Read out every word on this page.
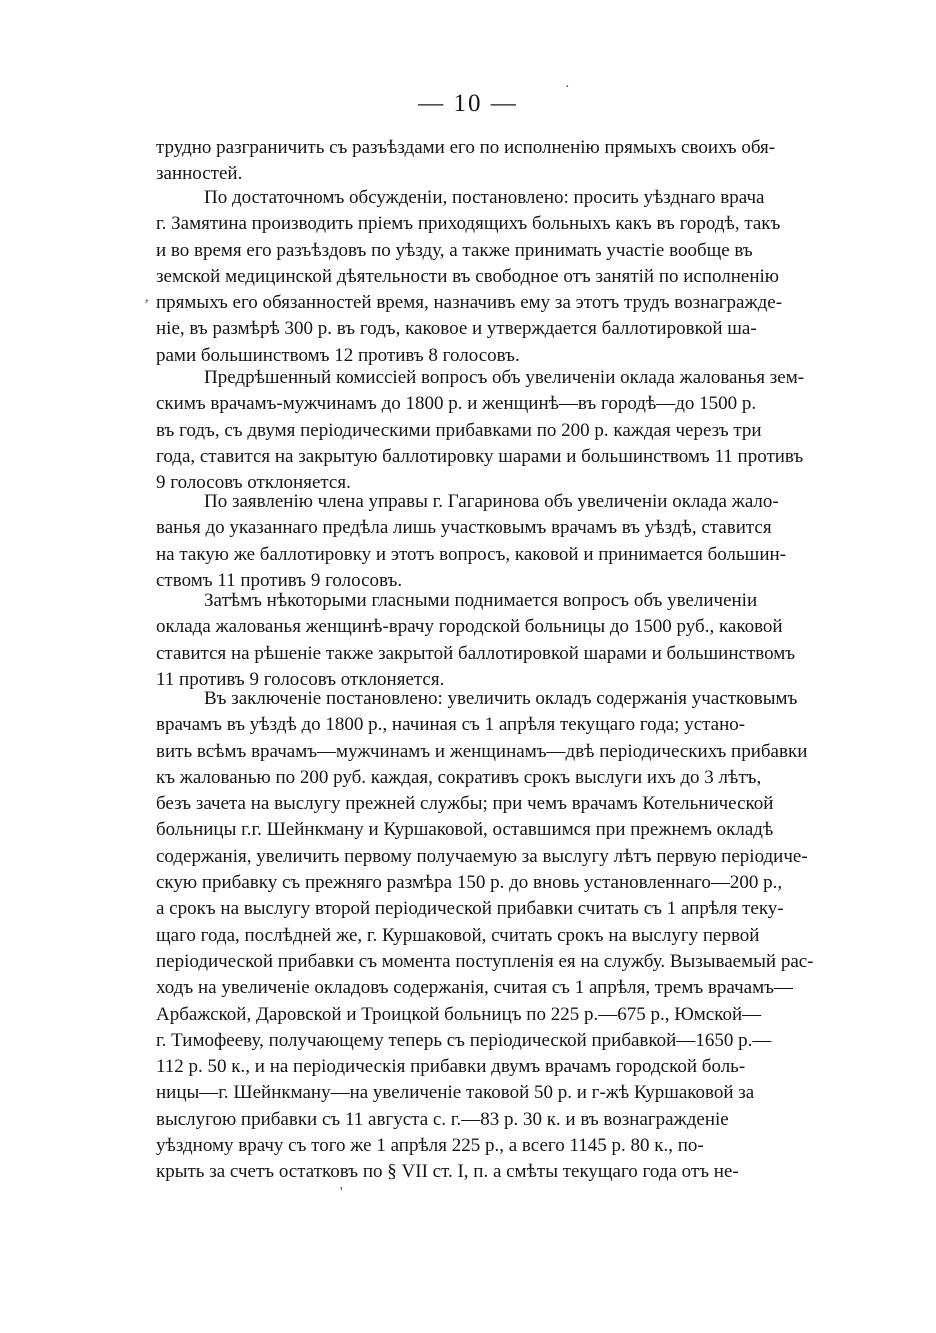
— 10 —
трудно разграничить съ разъѣздами его по исполненію прямыхъ своихъ обя-
занностей.
По достаточномъ обсужденіи, постановлено: просить уѣзднаго врача
г. Замятина производить пріемъ приходящихъ больныхъ какъ въ городѣ, такъ
и во время его разъѣздовъ по уѣзду, а также принимать участіе вообще въ
земской медицинской дѣятельности въ свободное отъ занятій по исполненію
прямыхъ его обязанностей время, назначивъ ему за этотъ трудъ вознагражде-
ніе, въ размѣрѣ 300 р. въ годъ, каковое и утверждается баллотировкой ша-
рами большинствомъ 12 противъ 8 голосовъ.
Предрѣшенный комиссіей вопросъ объ увеличеніи оклада жалованья зем-
скимъ врачамъ-мужчинамъ до 1800 р. и женщинѣ—въ городѣ—до 1500 р.
въ годъ, съ двумя періодическими прибавками по 200 р. каждая черезъ три
года, ставится на закрытую баллотировку шарами и большинствомъ 11 противъ
9 голосовъ отклоняется.
По заявленію члена управы г. Гагаринова объ увеличеніи оклада жало-
ванья до указаннаго предѣла лишь участковымъ врачамъ въ уѣздѣ, ставится
на такую же баллотировку и этотъ вопросъ, каковой и принимается большин-
ствомъ 11 противъ 9 голосовъ.
Затѣмъ нѣкоторыми гласными поднимается вопросъ объ увеличеніи
оклада жалованья женщинѣ-врачу городской больницы до 1500 руб., каковой
ставится на рѣшеніе также закрытой баллотировкой шарами и большинствомъ
11 противъ 9 голосовъ отклоняется.
Въ заключеніе постановлено: увеличить окладъ содержанія участковымъ
врачамъ въ уѣздѣ до 1800 р., начиная съ 1 апрѣля текущаго года; устано-
вить всѣмъ врачамъ—мужчинамъ и женщинамъ—двѣ періодическихъ прибавки
къ жалованью по 200 руб. каждая, сокративъ срокъ выслуги ихъ до 3 лѣтъ,
безъ зачета на выслугу прежней службы; при чемъ врачамъ Котельнической
больницы г.г. Шейнкману и Куршаковой, оставшимся при прежнемъ окладѣ
содержанія, увеличить первому получаемую за выслугу лѣтъ первую періодиче-
скую прибавку съ прежняго размѣра 150 р. до вновь установленнаго—200 р.,
а срокъ на выслугу второй періодической прибавки считать съ 1 апрѣля теку-
щаго года, послѣдней же, г. Куршаковой, считать срокъ на выслугу первой
періодической прибавки съ момента поступленія ея на службу. Вызываемый рас-
ходъ на увеличеніе окладовъ содержанія, считая съ 1 апрѣля, тремъ врачамъ—
Арбажской, Даровской и Троицкой больницъ по 225 р.—675 р., Юмской—
г. Тимофееву, получающему теперь съ періодической прибавкой—1650 р.—
112 р. 50 к., и на періодическія прибавки двумъ врачамъ городской боль-
ницы—г. Шейнкману—на увеличеніе таковой 50 р. и г-жѣ Куршаковой за
выслугою прибавки съ 11 августа с. г.—83 р. 30 к. и въ вознагражденіе
уѣздному врачу съ того же 1 апрѣля 225 р., а всего 1145 р. 80 к., по-
крыть за счетъ остатковъ по § VII ст. I, п. а смѣты текущаго года отъ не-
,
'
·
